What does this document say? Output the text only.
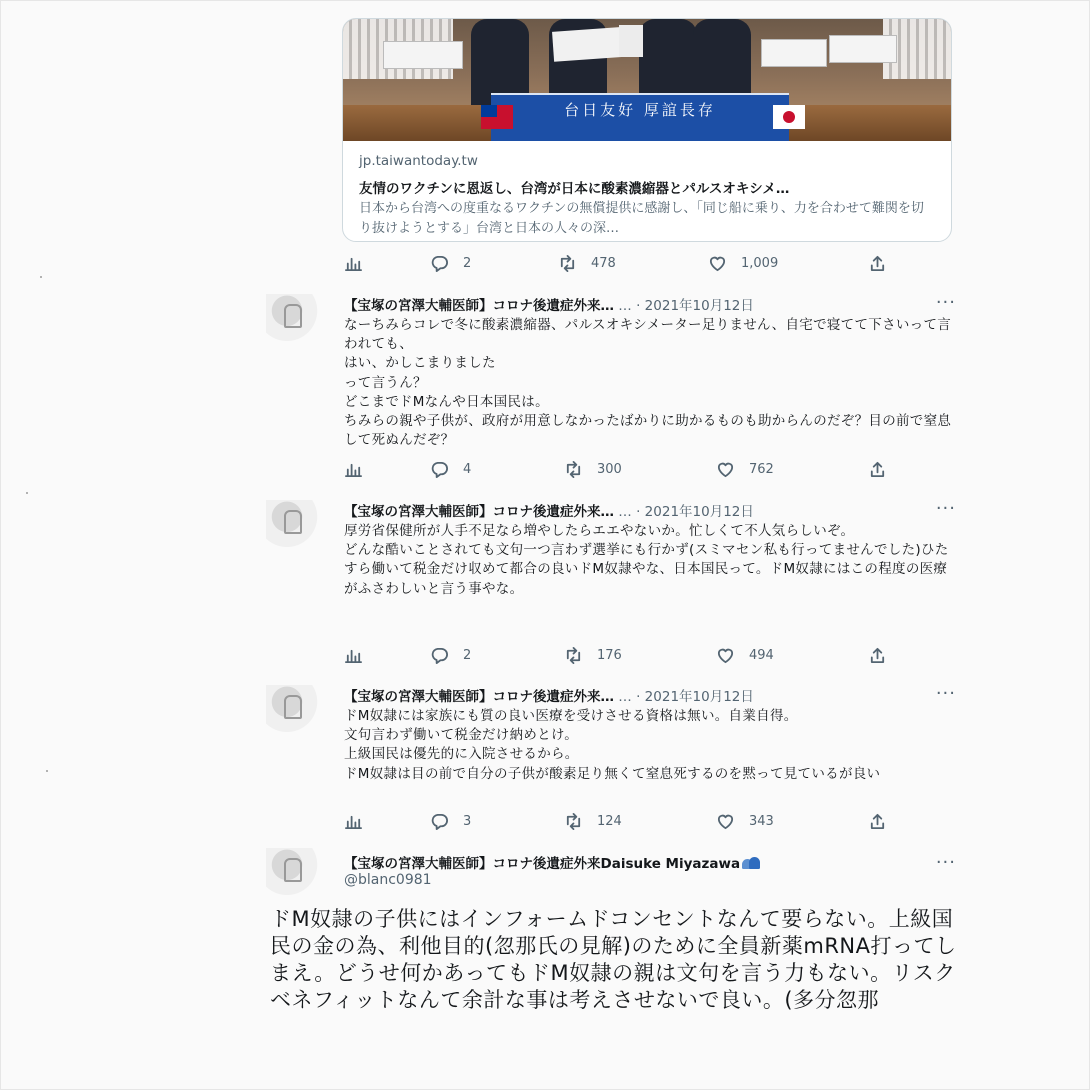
台日友好 厚誼長存
jp.taiwantoday.tw
友情のワクチンに恩返し、台湾が日本に酸素濃縮器とパルスオキシメ…
日本から台湾への度重なるワクチンの無償提供に感謝し、「同じ船に乗り、力を合わせて難関を切り抜けようとする」台湾と日本の人々の深…
2	478	1,009
【宝塚の宮澤大輔医師】コロナ後遺症外来… … · 2021年10月12日	···
なーちみらコレで冬に酸素濃縮器、パルスオキシメーター足りません、自宅で寝てて下さいって言われても、
はい、かしこまりました
って言うん？
どこまでドMなんや日本国民は。
ちみらの親や子供が、政府が用意しなかったばかりに助かるものも助からんのだぞ？目の前で窒息して死ぬんだぞ？
4	300	762
【宝塚の宮澤大輔医師】コロナ後遺症外来… … · 2021年10月12日	···
厚労省保健所が人手不足なら増やしたらエエやないか。忙しくて不人気らしいぞ。
どんな酷いことされても文句一つ言わず選挙にも行かず(スミマセン私も行ってませんでした)ひたすら働いて税金だけ収めて都合の良いドM奴隷やな、日本国民って。ドM奴隷にはこの程度の医療がふさわしいと言う事やな。
2	176	494
【宝塚の宮澤大輔医師】コロナ後遺症外来… … · 2021年10月12日	···
ドM奴隷には家族にも質の良い医療を受けさせる資格は無い。自業自得。
文句言わず働いて税金だけ納めとけ。
上級国民は優先的に入院させるから。
ドM奴隷は目の前で自分の子供が酸素足り無くて窒息死するのを黙って見ているが良い
3	124	343
【宝塚の宮澤大輔医師】コロナ後遺症外来Daisuke Miyazawa
@blanc0981
···
ドM奴隷の子供にはインフォームドコンセントなんて要らない。上級国民の金の為、利他目的(忽那氏の見解)のために全員新薬mRNA打ってしまえ。どうせ何かあってもドM奴隷の親は文句を言う力もない。リスクベネフィットなんて余計な事は考えさせないで良い。(多分忽那
